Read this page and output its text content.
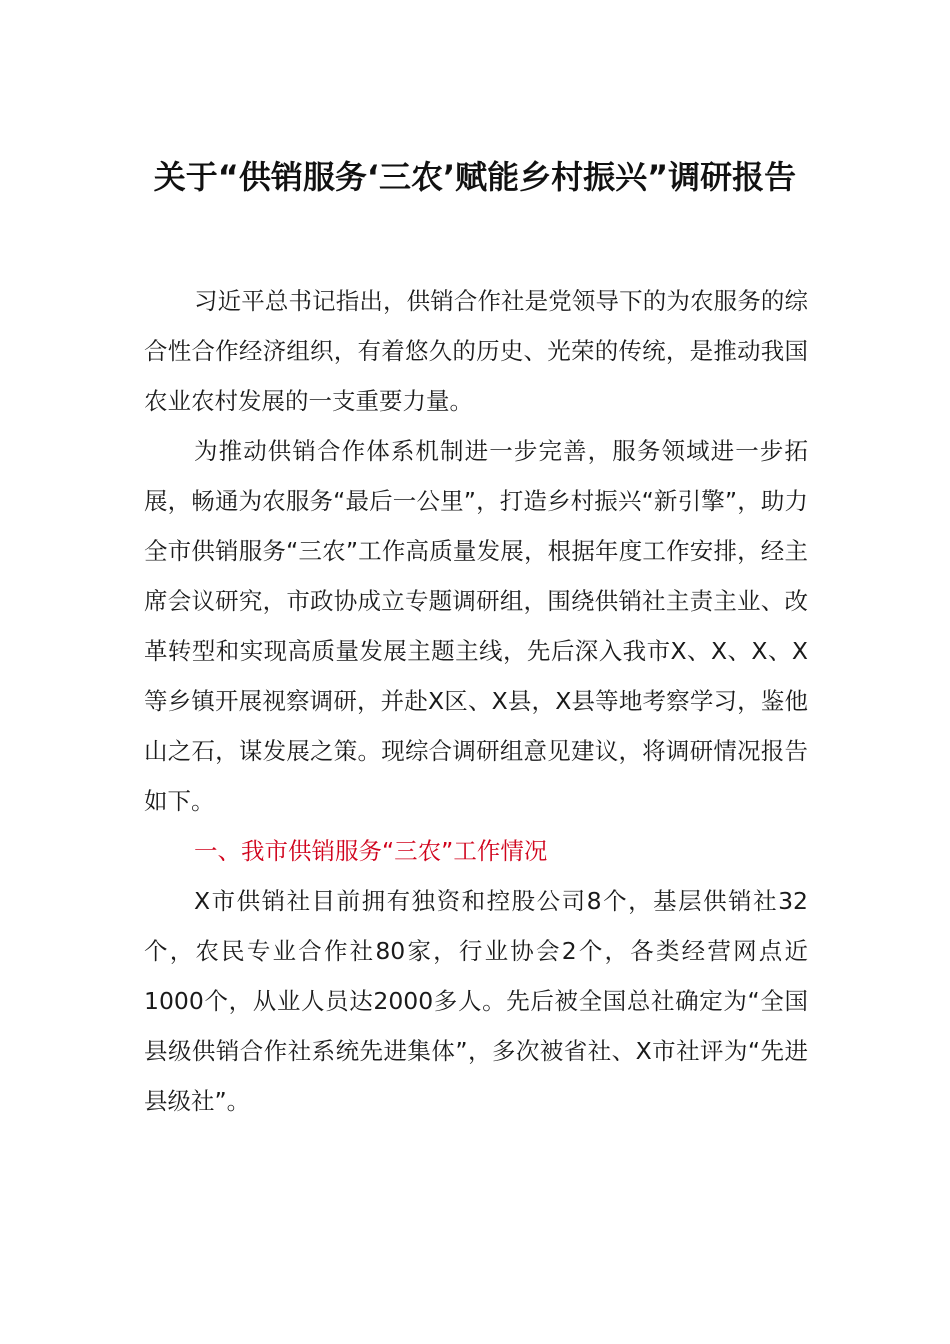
关于“供销服务‘三农’赋能乡村振兴”调研报告

习近平总书记指出，供销合作社是党领导下的为农服务的综合性合作经济组织，有着悠久的历史、光荣的传统，是推动我国农业农村发展的一支重要力量。

为推动供销合作体系机制进一步完善，服务领域进一步拓展，畅通为农服务“最后一公里”，打造乡村振兴“新引擎”，助力全市供销服务“三农”工作高质量发展，根据年度工作安排，经主席会议研究，市政协成立专题调研组，围绕供销社主责主业、改革转型和实现高质量发展主题主线，先后深入我市X、X、X、X等乡镇开展视察调研，并赴X区、X县，X县等地考察学习，鉴他山之石，谋发展之策。现综合调研组意见建议，将调研情况报告如下。

一、我市供销服务“三农”工作情况

X市供销社目前拥有独资和控股公司8个，基层供销社32个，农民专业合作社80家，行业协会2个，各类经营网点近1000个，从业人员达2000多人。先后被全国总社确定为“全国县级供销合作社系统先进集体”，多次被省社、X市社评为“先进县级社”。
